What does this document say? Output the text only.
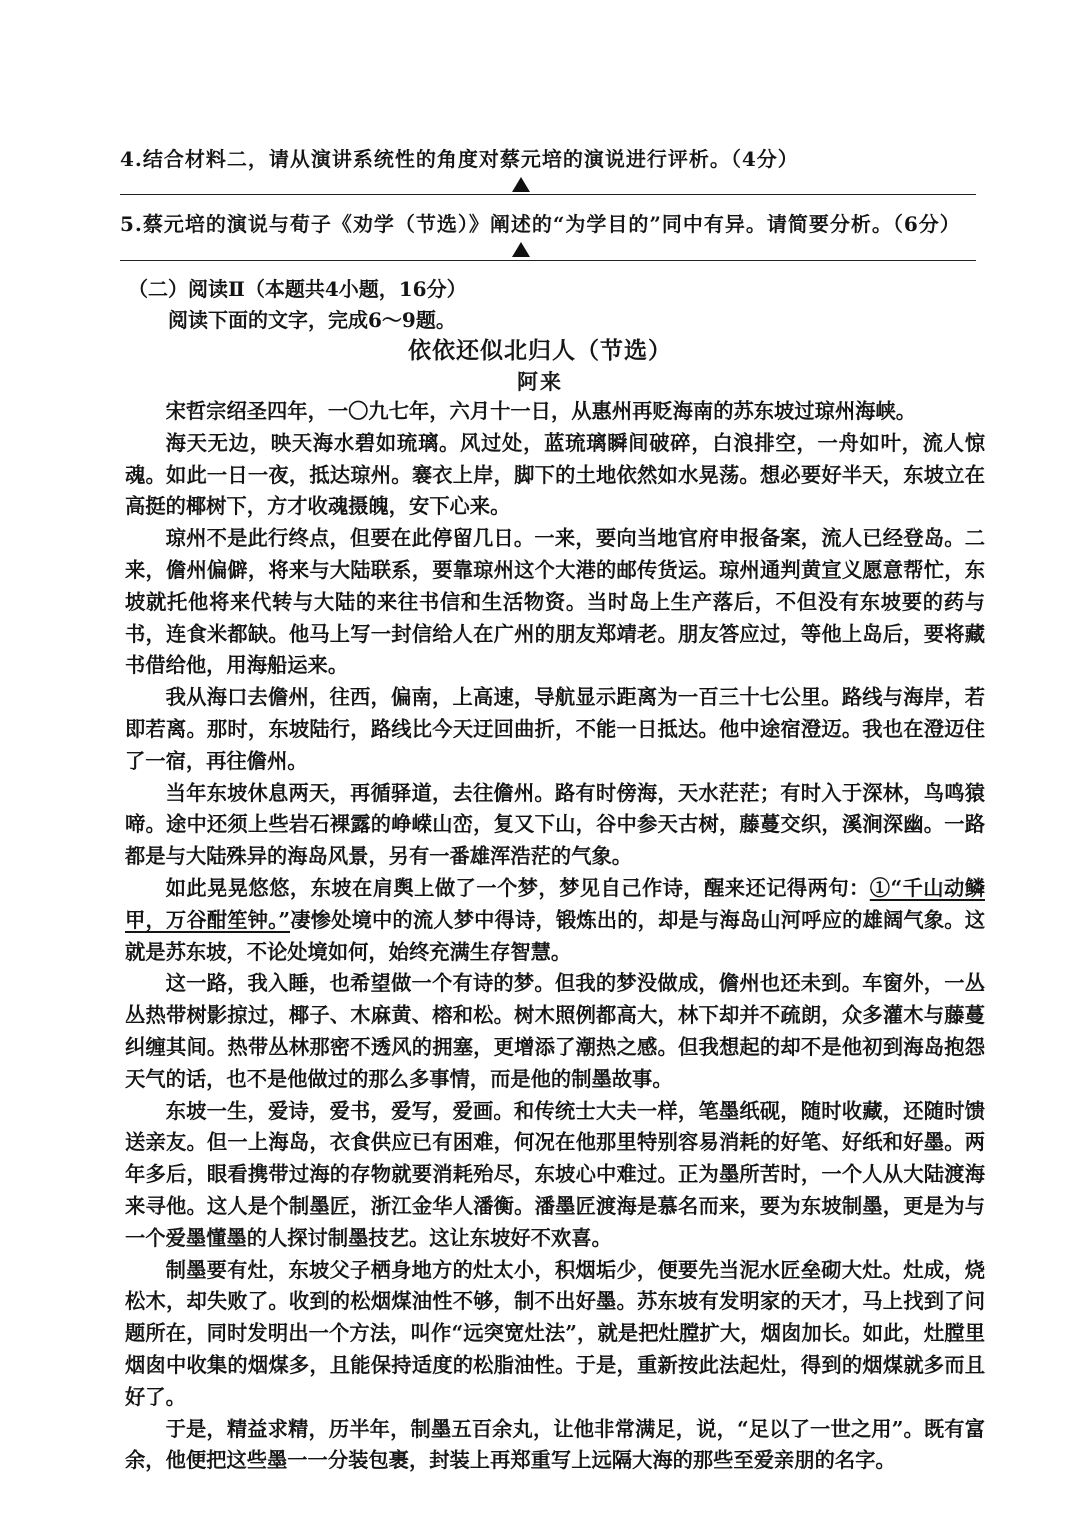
4.结合材料二，请从演讲系统性的角度对蔡元培的演说进行评析。（4分）
5.蔡元培的演说与荀子《劝学（节选）》阐述的“为学目的”同中有异。请简要分析。（6分）
（二）阅读Ⅱ（本题共4小题，16分）
阅读下面的文字，完成6～9题。
依依还似北归人（节选）
阿来

宋哲宗绍圣四年，一〇九七年，六月十一日，从惠州再贬海南的苏东坡过琼州海峡。

海天无边，映天海水碧如琉璃。风过处，蓝琉璃瞬间破碎，白浪排空，一舟如叶，流人惊魂。如此一日一夜，抵达琼州。褰衣上岸，脚下的土地依然如水晃荡。想必要好半天，东坡立在高挺的椰树下，方才收魂摄魄，安下心来。

琼州不是此行终点，但要在此停留几日。一来，要向当地官府申报备案，流人已经登岛。二来，儋州偏僻，将来与大陆联系，要靠琼州这个大港的邮传货运。琼州通判黄宣义愿意帮忙，东坡就托他将来代转与大陆的来往书信和生活物资。当时岛上生产落后，不但没有东坡要的药与书，连食米都缺。他马上写一封信给人在广州的朋友郑靖老。朋友答应过，等他上岛后，要将藏书借给他，用海船运来。

我从海口去儋州，往西，偏南，上高速，导航显示距离为一百三十七公里。路线与海岸，若即若离。那时，东坡陆行，路线比今天迂回曲折，不能一日抵达。他中途宿澄迈。我也在澄迈住了一宿，再往儋州。

当年东坡休息两天，再循驿道，去往儋州。路有时傍海，天水茫茫；有时入于深林，鸟鸣猿啼。途中还须上些岩石裸露的峥嵘山峦，复又下山，谷中参天古树，藤蔓交织，溪涧深幽。一路都是与大陆殊异的海岛风景，另有一番雄浑浩茫的气象。

如此晃晃悠悠，东坡在肩舆上做了一个梦，梦见自己作诗，醒来还记得两句：①“千山动鳞甲，万谷酣笙钟。”凄惨处境中的流人梦中得诗，锻炼出的，却是与海岛山河呼应的雄阔气象。这就是苏东坡，不论处境如何，始终充满生存智慧。

这一路，我入睡，也希望做一个有诗的梦。但我的梦没做成，儋州也还未到。车窗外，一丛丛热带树影掠过，椰子、木麻黄、榕和松。树木照例都高大，林下却并不疏朗，众多灌木与藤蔓纠缠其间。热带丛林那密不透风的拥塞，更增添了潮热之感。但我想起的却不是他初到海岛抱怨天气的话，也不是他做过的那么多事情，而是他的制墨故事。

东坡一生，爱诗，爱书，爱写，爱画。和传统士大夫一样，笔墨纸砚，随时收藏，还随时馈送亲友。但一上海岛，衣食供应已有困难，何况在他那里特别容易消耗的好笔、好纸和好墨。两年多后，眼看携带过海的存物就要消耗殆尽，东坡心中难过。正为墨所苦时，一个人从大陆渡海来寻他。这人是个制墨匠，浙江金华人潘衡。潘墨匠渡海是慕名而来，要为东坡制墨，更是为与一个爱墨懂墨的人探讨制墨技艺。这让东坡好不欢喜。

制墨要有灶，东坡父子栖身地方的灶太小，积烟垢少，便要先当泥水匠垒砌大灶。灶成，烧松木，却失败了。收到的松烟煤油性不够，制不出好墨。苏东坡有发明家的天才，马上找到了问题所在，同时发明出一个方法，叫作“远突宽灶法”，就是把灶膛扩大，烟囱加长。如此，灶膛里烟囱中收集的烟煤多，且能保持适度的松脂油性。于是，重新按此法起灶，得到的烟煤就多而且好了。

于是，精益求精，历半年，制墨五百余丸，让他非常满足，说，“足以了一世之用”。既有富余，他便把这些墨一一分装包裹，封装上再郑重写上远隔大海的那些至爱亲朋的名字。
